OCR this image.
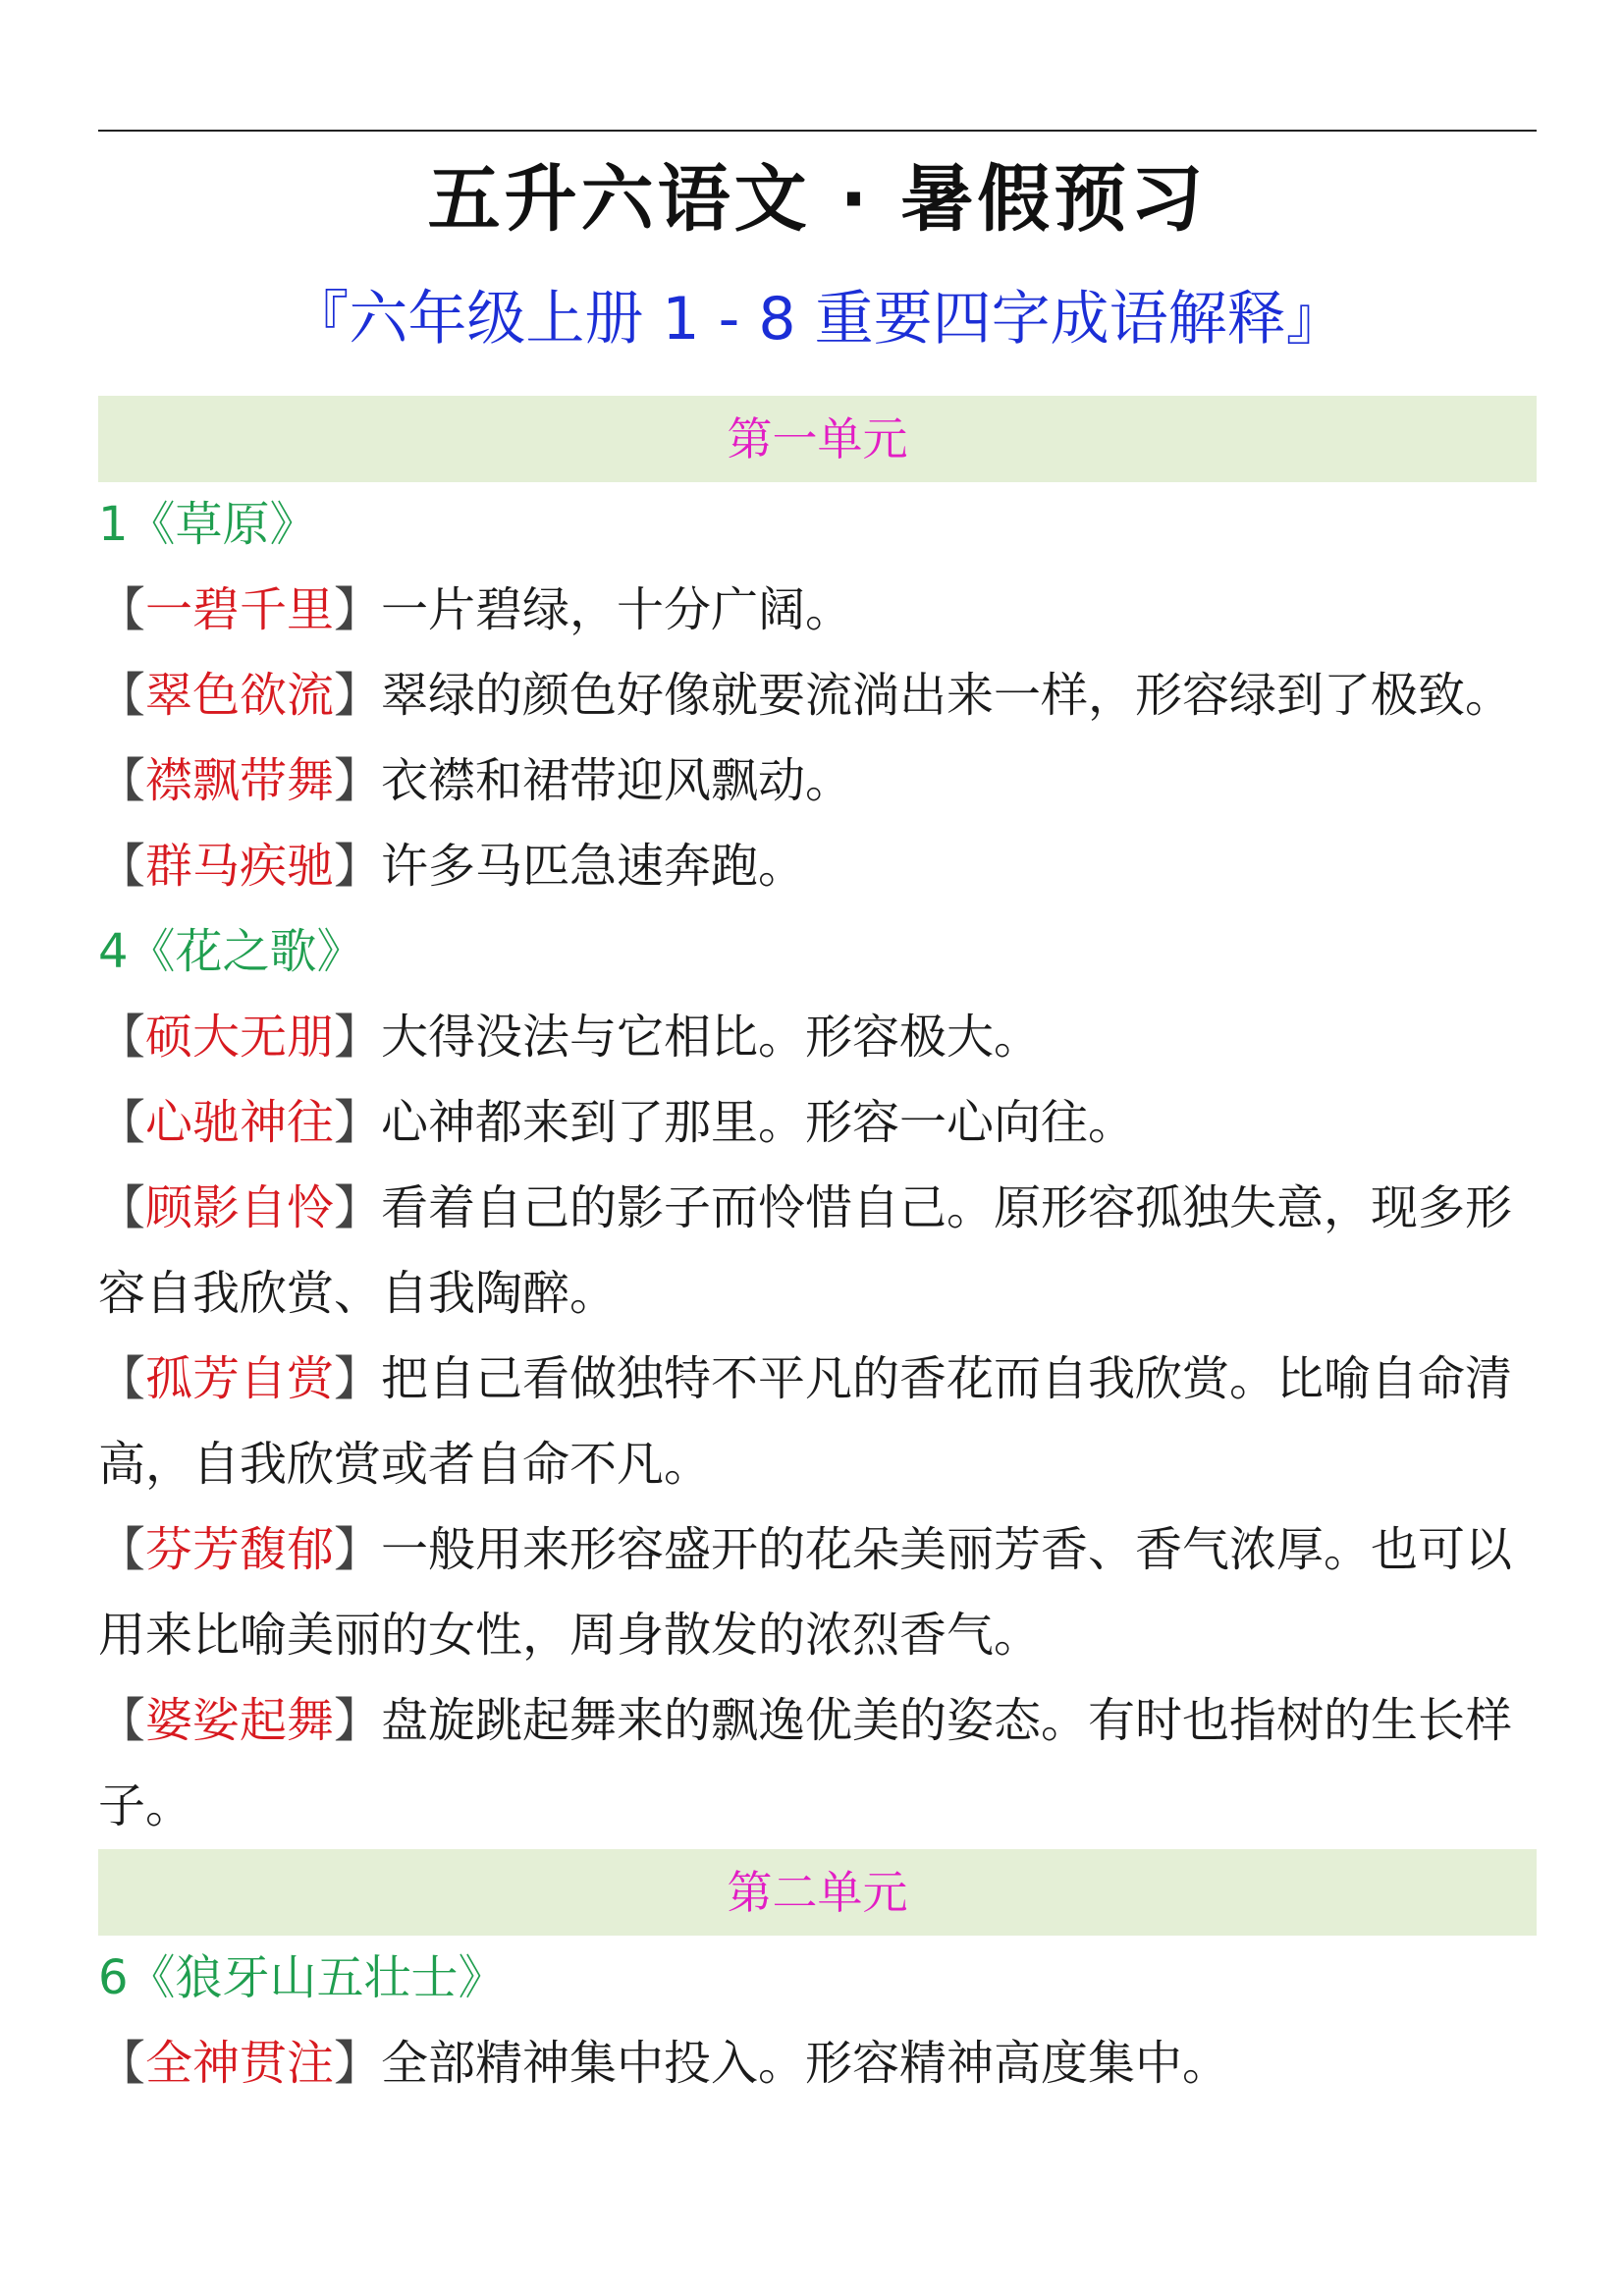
五升六语文 · 暑假预习
『六年级上册 1 - 8 重要四字成语解释』
第一单元
1《草原》
【一碧千里】一片碧绿，十分广阔。
【翠色欲流】翠绿的颜色好像就要流淌出来一样，形容绿到了极致。
【襟飘带舞】衣襟和裙带迎风飘动。
【群马疾驰】许多马匹急速奔跑。
4《花之歌》
【硕大无朋】大得没法与它相比。形容极大。
【心驰神往】心神都来到了那里。形容一心向往。
【顾影自怜】看着自己的影子而怜惜自己。原形容孤独失意，现多形容自我欣赏、自我陶醉。
【孤芳自赏】把自己看做独特不平凡的香花而自我欣赏。比喻自命清高，自我欣赏或者自命不凡。
【芬芳馥郁】一般用来形容盛开的花朵美丽芳香、香气浓厚。也可以用来比喻美丽的女性，周身散发的浓烈香气。
【婆娑起舞】盘旋跳起舞来的飘逸优美的姿态。有时也指树的生长样子。
第二单元
6《狼牙山五壮士》
【全神贯注】全部精神集中投入。形容精神高度集中。
